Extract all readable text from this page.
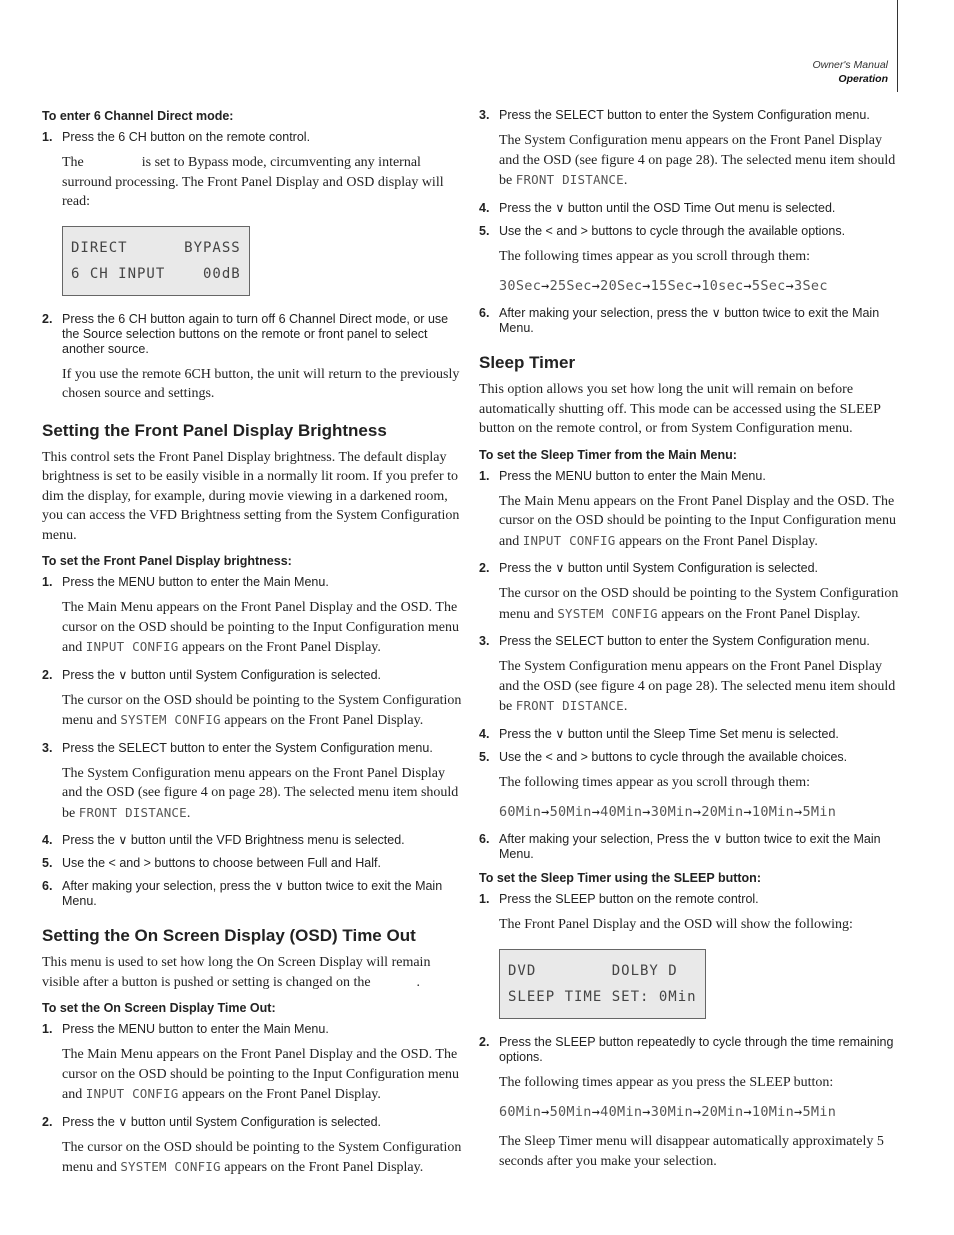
Owner's Manual
Operation
To enter 6 Channel Direct mode:
1. Press the 6 CH button on the remote control.
The	is set to Bypass mode, circumventing any internal surround processing. The Front Panel Display and OSD display will read:
DIRECT      BYPASS
6 CH INPUT    00dB
2. Press the 6 CH button again to turn off 6 Channel Direct mode, or use the Source selection buttons on the remote or front panel to select another source.
If you use the remote 6CH button, the unit will return to the previously chosen source and settings.
Setting the Front Panel Display Brightness
This control sets the Front Panel Display brightness. The default display brightness is set to be easily visible in a normally lit room. If you prefer to dim the display, for example, during movie viewing in a darkened room, you can access the VFD Brightness setting from the System Configuration menu.
To set the Front Panel Display brightness:
1. Press the MENU button to enter the Main Menu.
The Main Menu appears on the Front Panel Display and the OSD. The cursor on the OSD should be pointing to the Input Configuration menu and INPUT CONFIG appears on the Front Panel Display.
2. Press the ∨ button until System Configuration is selected.
The cursor on the OSD should be pointing to the System Configuration menu and SYSTEM CONFIG appears on the Front Panel Display.
3. Press the SELECT button to enter the System Configuration menu.
The System Configuration menu appears on the Front Panel Display and the OSD (see figure 4 on page 28). The selected menu item should be FRONT DISTANCE.
4. Press the ∨ button until the VFD Brightness menu is selected.
5. Use the < and > buttons to choose between Full and Half.
6. After making your selection, press the ∨ button twice to exit the Main Menu.
Setting the On Screen Display (OSD) Time Out
This menu is used to set how long the On Screen Display will remain visible after a button is pushed or setting is changed on the	.
To set the On Screen Display Time Out:
1. Press the MENU button to enter the Main Menu.
The Main Menu appears on the Front Panel Display and the OSD. The cursor on the OSD should be pointing to the Input Configuration menu and INPUT CONFIG appears on the Front Panel Display.
2. Press the ∨ button until System Configuration is selected.
The cursor on the OSD should be pointing to the System Configuration menu and SYSTEM CONFIG appears on the Front Panel Display.
3. Press the SELECT button to enter the System Configuration menu.
The System Configuration menu appears on the Front Panel Display and the OSD (see figure 4 on page 28). The selected menu item should be FRONT DISTANCE.
4. Press the ∨ button until the OSD Time Out menu is selected.
5. Use the < and > buttons to cycle through the available options.
The following times appear as you scroll through them:
30Sec→25Sec→20Sec→15Sec→10sec→5Sec→3Sec
6. After making your selection, press the ∨ button twice to exit the Main Menu.
Sleep Timer
This option allows you set how long the unit will remain on before automatically shutting off. This mode can be accessed using the SLEEP button on the remote control, or from System Configuration menu.
To set the Sleep Timer from the Main Menu:
1. Press the MENU button to enter the Main Menu.
The Main Menu appears on the Front Panel Display and the OSD. The cursor on the OSD should be pointing to the Input Configuration menu and INPUT CONFIG appears on the Front Panel Display.
2. Press the ∨ button until System Configuration is selected.
The cursor on the OSD should be pointing to the System Configuration menu and SYSTEM CONFIG appears on the Front Panel Display.
3. Press the SELECT button to enter the System Configuration menu.
The System Configuration menu appears on the Front Panel Display and the OSD (see figure 4 on page 28). The selected menu item should be FRONT DISTANCE.
4. Press the ∨ button until the Sleep Time Set menu is selected.
5. Use the < and > buttons to cycle through the available choices.
The following times appear as you scroll through them:
60Min→50Min→40Min→30Min→20Min→10Min→5Min
6. After making your selection, Press the ∨ button twice to exit the Main Menu.
To set the Sleep Timer using the SLEEP button:
1. Press the SLEEP button on the remote control.
The Front Panel Display and the OSD will show the following:
DVD        DOLBY D
SLEEP TIME SET: 0Min
2. Press the SLEEP button repeatedly to cycle through the time remaining options.
The following times appear as you press the SLEEP button:
60Min→50Min→40Min→30Min→20Min→10Min→5Min
The Sleep Timer menu will disappear automatically approximately 5 seconds after you make your selection.
